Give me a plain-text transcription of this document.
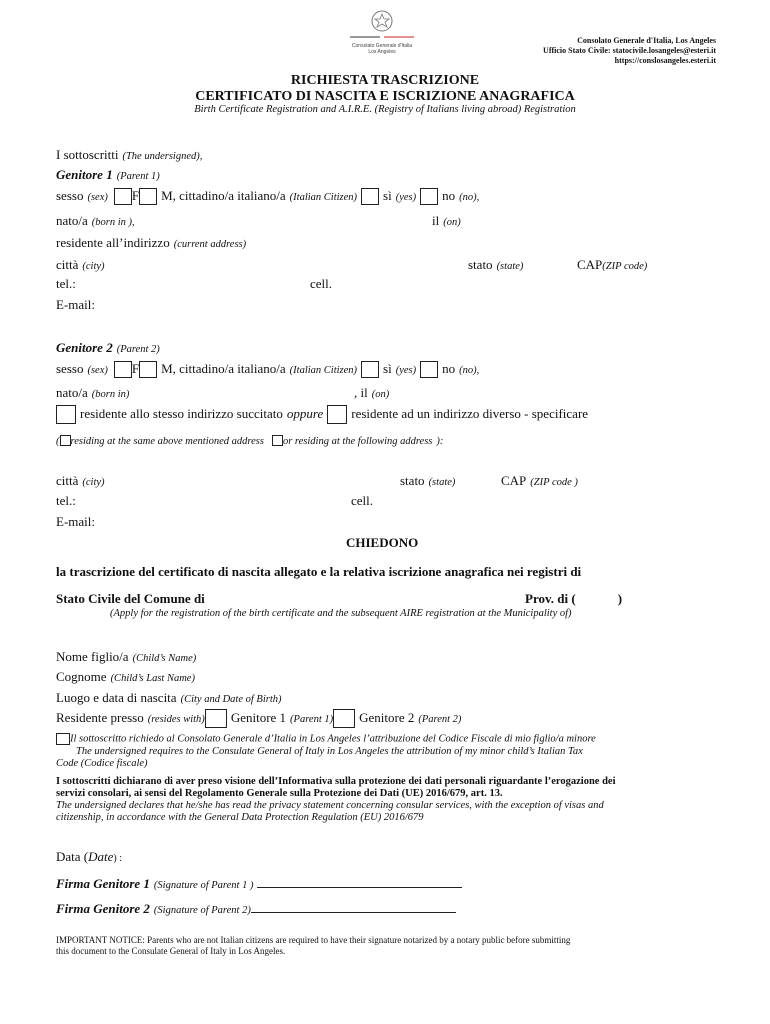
Consolato Generale d'Italia
Los Angeles
Consolato Generale d'Italia, Los Angeles
Ufficio Stato Civile: statocivile.losangeles@esteri.it
https://conslosangeles.esteri.it
RICHIESTA TRASCRIZIONE
CERTIFICATO DI NASCITA E ISCRIZIONE ANAGRAFICA
Birth Certificate Registration and A.I.R.E. (Registry of Italians living abroad) Registration
I sottoscritti (The undersigned),
Genitore 1 (Parent 1)
sesso (sex) F M, cittadino/a italiano/a (Italian Citizen) sì (yes) no (no),
nato/a (born in ),	il (on)
residente all’indirizzo (current address)
città (city)	stato (state)	CAP(ZIP code)
tel.:	cell.
E-mail:
Genitore 2 (Parent 2)
sesso (sex) F M, cittadino/a italiano/a (Italian Citizen) sì (yes) no (no),
nato/a (born in)	, il (on)
residente allo stesso indirizzo succitato oppure residente ad un indirizzo diverso - specificare
( residing at the same above mentioned address or residing at the following address ):
città (city)	stato (state)	CAP (ZIP code )
tel.:	cell.
E-mail:
CHIEDONO
la trascrizione del certificato di nascita allegato e la relativa iscrizione anagrafica nei registri di
Stato Civile del Comune di	Prov. di (	)
(Apply for the registration of the birth certificate and the subsequent AIRE registration at the Municipality of)
Nome figlio/a (Child’s Name)
Cognome (Child’s Last Name)
Luogo e data di nascita (City and Date of Birth)
Residente presso (resides with) Genitore 1 (Parent 1) Genitore 2 (Parent 2)
Il sottoscritto richiedo al Consolato Generale d’Italia in Los Angeles l’attribuzione del Codice Fiscale di mio figlio/a minore
The undersigned requires to the Consulate General of Italy in Los Angeles the attribution of my minor child’s Italian Tax
Code (Codice fiscale)
I sottoscritti dichiarano di aver preso visione dell’Informativa sulla protezione dei dati personali riguardante l’erogazione dei
servizi consolari, ai sensi del Regolamento Generale sulla Protezione dei Dati (UE) 2016/679, art. 13.
The undersigned declares that he/she has read the privacy statement concerning consular services, with the exception of visas and
citizenship, in accordance with the General Data Protection Regulation (EU) 2016/679
Data (Date) :
Firma Genitore 1 (Signature of Parent 1 )
Firma Genitore 2 (Signature of Parent 2)
IMPORTANT NOTICE: Parents who are not Italian citizens are required to have their signature notarized by a notary public before submitting
this document to the Consulate General of Italy in Los Angeles.
